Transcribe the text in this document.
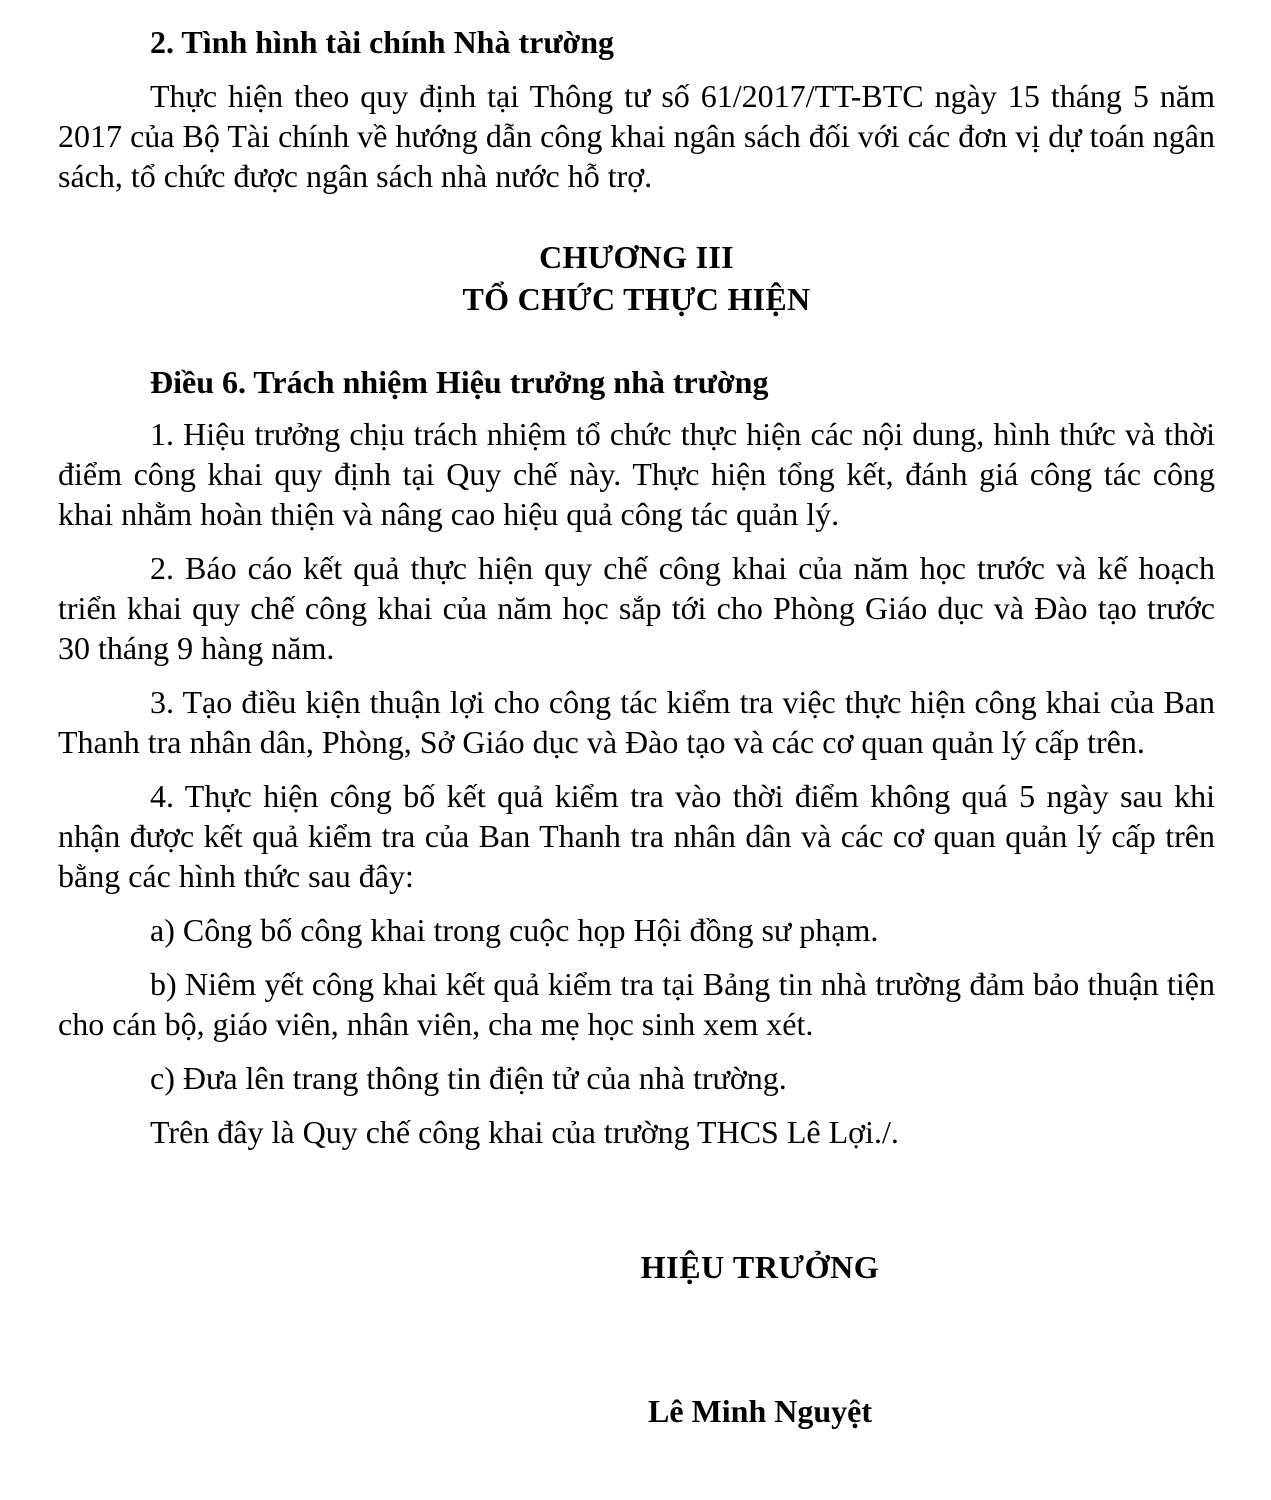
2. Tình hình tài chính Nhà trường

Thực hiện theo quy định tại Thông tư số 61/2017/TT-BTC ngày 15 tháng 5 năm 2017 của Bộ Tài chính về hướng dẫn công khai ngân sách đối với các đơn vị dự toán ngân sách, tổ chức được ngân sách nhà nước hỗ trợ.

CHƯƠNG III
TỔ CHỨC THỰC HIỆN

Điều 6. Trách nhiệm Hiệu trưởng nhà trường

1. Hiệu trưởng chịu trách nhiệm tổ chức thực hiện các nội dung, hình thức và thời điểm công khai quy định tại Quy chế này. Thực hiện tổng kết, đánh giá công tác công khai nhằm hoàn thiện và nâng cao hiệu quả công tác quản lý.

2. Báo cáo kết quả thực hiện quy chế công khai của năm học trước và kế hoạch triển khai quy chế công khai của năm học sắp tới cho Phòng Giáo dục và Đào tạo trước 30 tháng 9 hàng năm.

3. Tạo điều kiện thuận lợi cho công tác kiểm tra việc thực hiện công khai của Ban Thanh tra nhân dân, Phòng, Sở Giáo dục và Đào tạo và các cơ quan quản lý cấp trên.

4. Thực hiện công bố kết quả kiểm tra vào thời điểm không quá 5 ngày sau khi nhận được kết quả kiểm tra của Ban Thanh tra nhân dân và các cơ quan quản lý cấp trên bằng các hình thức sau đây:

a) Công bố công khai trong cuộc họp Hội đồng sư phạm.

b) Niêm yết công khai kết quả kiểm tra tại Bảng tin nhà trường đảm bảo thuận tiện cho cán bộ, giáo viên, nhân viên, cha mẹ học sinh xem xét.

c) Đưa lên trang thông tin điện tử của nhà trường.

Trên đây là Quy chế công khai của trường THCS Lê Lợi./.

HIỆU TRƯỞNG
Lê Minh Nguyệt
